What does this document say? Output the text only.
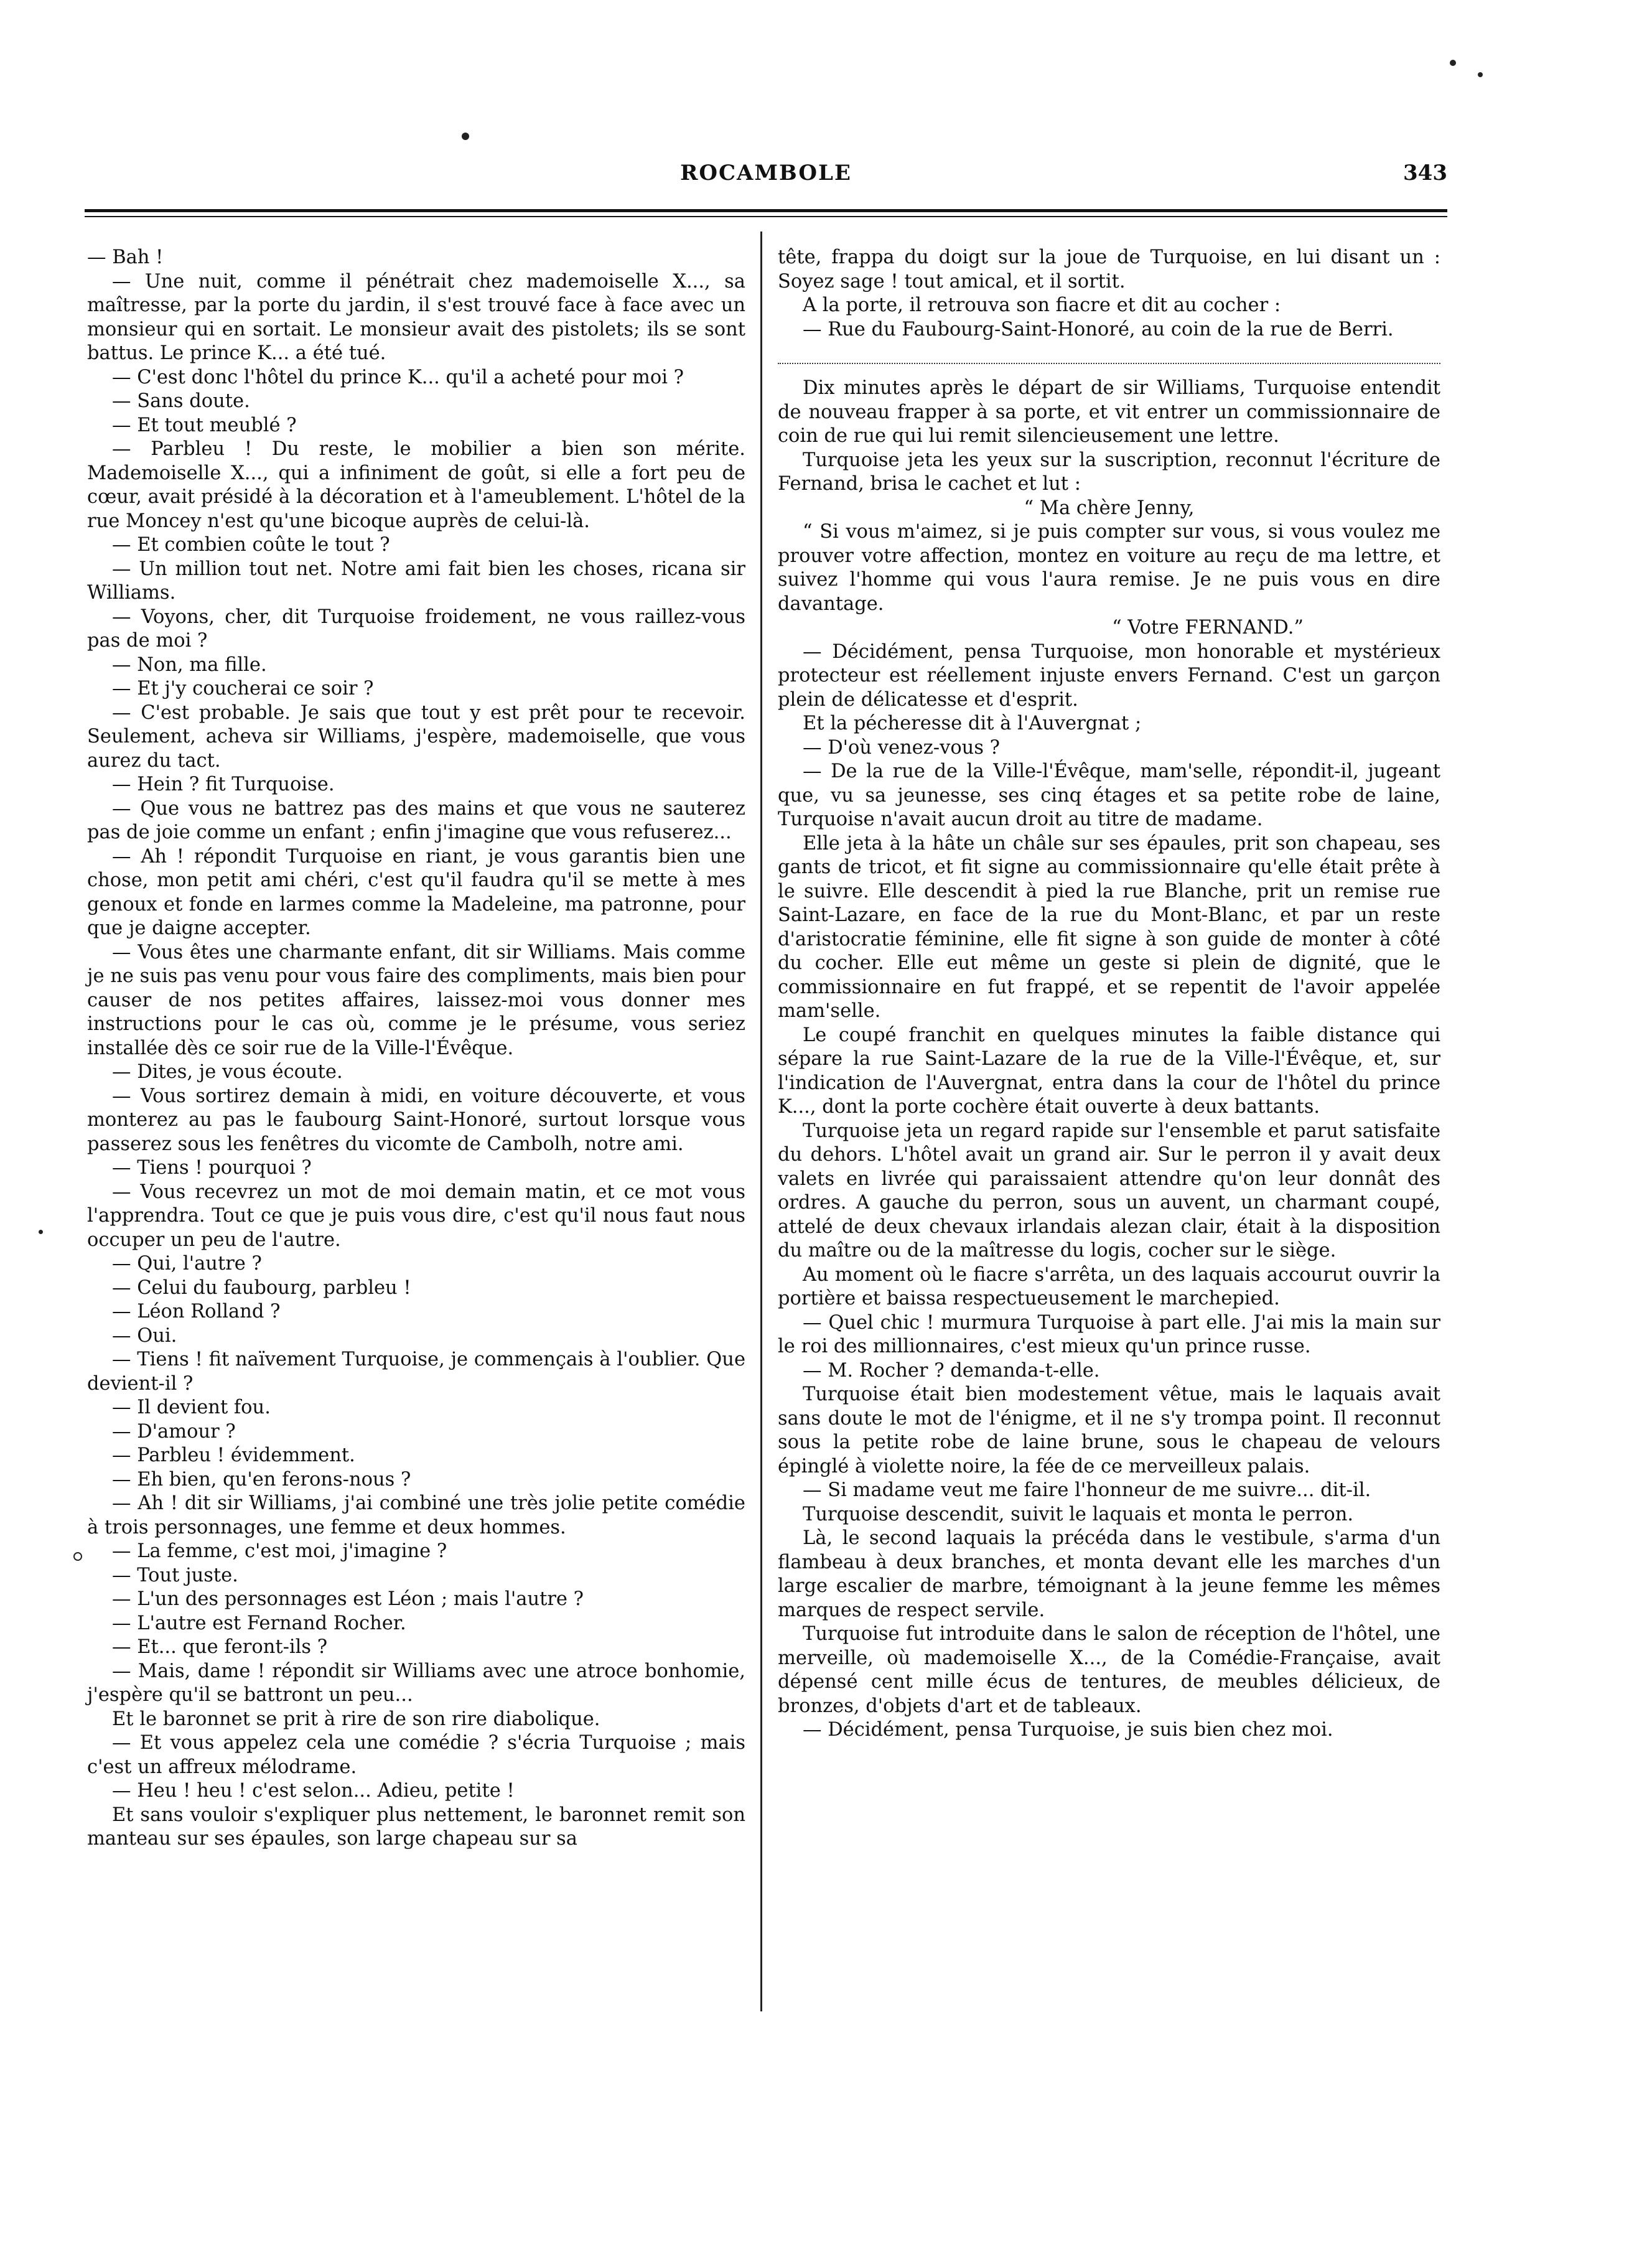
ROCAMBOLE	343

— Bah !

— Une nuit, comme il pénétrait chez mademoiselle X..., sa maîtresse, par la porte du jardin, il s'est trouvé face à face avec un monsieur qui en sortait. Le monsieur avait des pistolets; ils se sont battus. Le prince K... a été tué.

— C'est donc l'hôtel du prince K... qu'il a acheté pour moi ?

— Sans doute.

— Et tout meublé ?

— Parbleu ! Du reste, le mobilier a bien son mérite. Mademoiselle X..., qui a infiniment de goût, si elle a fort peu de cœur, avait présidé à la décoration et à l'ameublement. L'hôtel de la rue Moncey n'est qu'une bicoque auprès de celui-là.

— Et combien coûte le tout ?

— Un million tout net. Notre ami fait bien les choses, ricana sir Williams.

— Voyons, cher, dit Turquoise froidement, ne vous raillez-vous pas de moi ?

— Non, ma fille.

— Et j'y coucherai ce soir ?

— C'est probable. Je sais que tout y est prêt pour te recevoir. Seulement, acheva sir Williams, j'espère, mademoiselle, que vous aurez du tact.

— Hein ? fit Turquoise.

— Que vous ne battrez pas des mains et que vous ne sauterez pas de joie comme un enfant ; enfin j'imagine que vous refuserez...

— Ah ! répondit Turquoise en riant, je vous garantis bien une chose, mon petit ami chéri, c'est qu'il faudra qu'il se mette à mes genoux et fonde en larmes comme la Madeleine, ma patronne, pour que je daigne accepter.

— Vous êtes une charmante enfant, dit sir Williams. Mais comme je ne suis pas venu pour vous faire des compliments, mais bien pour causer de nos petites affaires, laissez-moi vous donner mes instructions pour le cas où, comme je le présume, vous seriez installée dès ce soir rue de la Ville-l'Évêque.

— Dites, je vous écoute.

— Vous sortirez demain à midi, en voiture découverte, et vous monterez au pas le faubourg Saint-Honoré, surtout lorsque vous passerez sous les fenêtres du vicomte de Cambolh, notre ami.

— Tiens ! pourquoi ?

— Vous recevrez un mot de moi demain matin, et ce mot vous l'apprendra. Tout ce que je puis vous dire, c'est qu'il nous faut nous occuper un peu de l'autre.

— Qui, l'autre ?

— Celui du faubourg, parbleu !

— Léon Rolland ?

— Oui.

— Tiens ! fit naïvement Turquoise, je commençais à l'oublier. Que devient-il ?

— Il devient fou.

— D'amour ?

— Parbleu ! évidemment.

— Eh bien, qu'en ferons-nous ?

— Ah ! dit sir Williams, j'ai combiné une très jolie petite comédie à trois personnages, une femme et deux hommes.

— La femme, c'est moi, j'imagine ?

— Tout juste.

— L'un des personnages est Léon ; mais l'autre ?

— L'autre est Fernand Rocher.

— Et... que feront-ils ?

— Mais, dame ! répondit sir Williams avec une atroce bonhomie, j'espère qu'il se battront un peu...

Et le baronnet se prit à rire de son rire diabolique.

— Et vous appelez cela une comédie ? s'écria Turquoise ; mais c'est un affreux mélodrame.

— Heu ! heu ! c'est selon... Adieu, petite !

Et sans vouloir s'expliquer plus nettement, le baronnet remit son manteau sur ses épaules, son large chapeau sur sa

tête, frappa du doigt sur la joue de Turquoise, en lui disant un : Soyez sage ! tout amical, et il sortit.

A la porte, il retrouva son fiacre et dit au cocher :

— Rue du Faubourg-Saint-Honoré, au coin de la rue de Berri.

Dix minutes après le départ de sir Williams, Turquoise entendit de nouveau frapper à sa porte, et vit entrer un commissionnaire de coin de rue qui lui remit silencieusement une lettre.

Turquoise jeta les yeux sur la suscription, reconnut l'écriture de Fernand, brisa le cachet et lut :

“ Ma chère Jenny,

“ Si vous m'aimez, si je puis compter sur vous, si vous voulez me prouver votre affection, montez en voiture au reçu de ma lettre, et suivez l'homme qui vous l'aura remise. Je ne puis vous en dire davantage.

“ Votre FERNAND.”

— Décidément, pensa Turquoise, mon honorable et mystérieux protecteur est réellement injuste envers Fernand. C'est un garçon plein de délicatesse et d'esprit.

Et la pécheresse dit à l'Auvergnat ;

— D'où venez-vous ?

— De la rue de la Ville-l'Évêque, mam'selle, répondit-il, jugeant que, vu sa jeunesse, ses cinq étages et sa petite robe de laine, Turquoise n'avait aucun droit au titre de madame.

Elle jeta à la hâte un châle sur ses épaules, prit son chapeau, ses gants de tricot, et fit signe au commissionnaire qu'elle était prête à le suivre. Elle descendit à pied la rue Blanche, prit un remise rue Saint-Lazare, en face de la rue du Mont-Blanc, et par un reste d'aristocratie féminine, elle fit signe à son guide de monter à côté du cocher. Elle eut même un geste si plein de dignité, que le commissionnaire en fut frappé, et se repentit de l'avoir appelée mam'selle.

Le coupé franchit en quelques minutes la faible distance qui sépare la rue Saint-Lazare de la rue de la Ville-l'Évêque, et, sur l'indication de l'Auvergnat, entra dans la cour de l'hôtel du prince K..., dont la porte cochère était ouverte à deux battants.

Turquoise jeta un regard rapide sur l'ensemble et parut satisfaite du dehors. L'hôtel avait un grand air. Sur le perron il y avait deux valets en livrée qui paraissaient attendre qu'on leur donnât des ordres. A gauche du perron, sous un auvent, un charmant coupé, attelé de deux chevaux irlandais alezan clair, était à la disposition du maître ou de la maîtresse du logis, cocher sur le siège.

Au moment où le fiacre s'arrêta, un des laquais accourut ouvrir la portière et baissa respectueusement le marchepied.

— Quel chic ! murmura Turquoise à part elle. J'ai mis la main sur le roi des millionnaires, c'est mieux qu'un prince russe.

— M. Rocher ? demanda-t-elle.

Turquoise était bien modestement vêtue, mais le laquais avait sans doute le mot de l'énigme, et il ne s'y trompa point. Il reconnut sous la petite robe de laine brune, sous le chapeau de velours épinglé à violette noire, la fée de ce merveilleux palais.

— Si madame veut me faire l'honneur de me suivre... dit-il.

Turquoise descendit, suivit le laquais et monta le perron.

Là, le second laquais la précéda dans le vestibule, s'arma d'un flambeau à deux branches, et monta devant elle les marches d'un large escalier de marbre, témoignant à la jeune femme les mêmes marques de respect servile.

Turquoise fut introduite dans le salon de réception de l'hôtel, une merveille, où mademoiselle X..., de la Comédie-Française, avait dépensé cent mille écus de tentures, de meubles délicieux, de bronzes, d'objets d'art et de tableaux.

— Décidément, pensa Turquoise, je suis bien chez moi.
